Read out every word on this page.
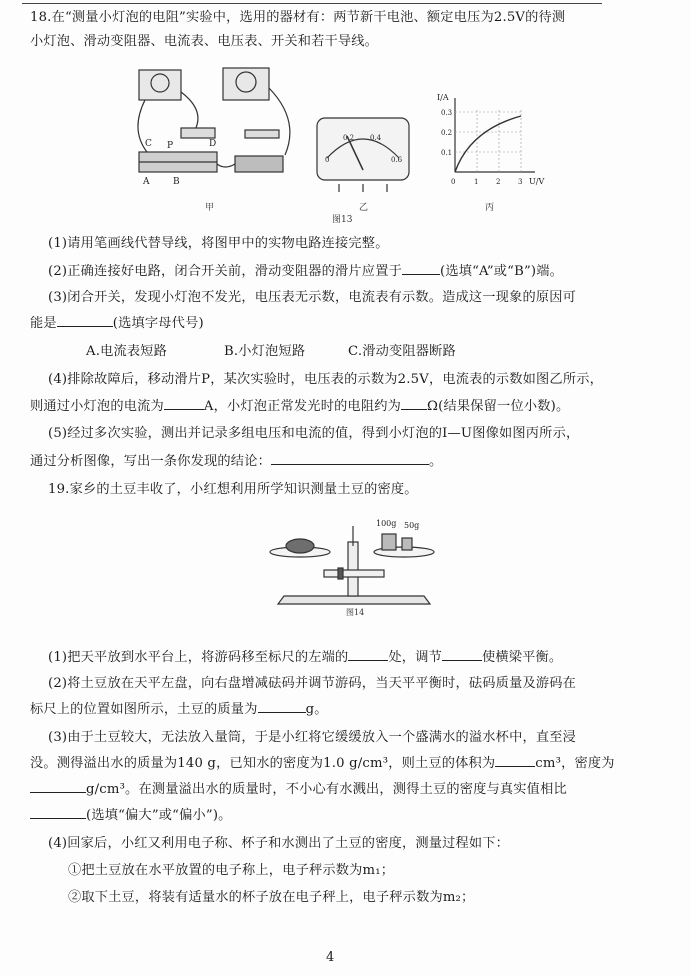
18.在“测量小灯泡的电阻”实验中，选用的器材有：两节新干电池、额定电压为2.5V的待测
小灯泡、滑动变阻器、电流表、电压表、开关和若干导线。
P
A	B
C	D
甲
0
0.2 0.4
0.6
乙
I/A
U/V
0.3
0.2
0.1
0	1	2	3
丙
图13
(1)请用笔画线代替导线，将图甲中的实物电路连接完整。
(2)正确连接好电路，闭合开关前，滑动变阻器的滑片应置于	(选填“A”或“B”)端。
(3)闭合开关，发现小灯泡不发光，电压表无示数，电流表有示数。造成这一现象的原因可
能是	(选填字母代号)
A.电流表短路	B.小灯泡短路	C.滑动变阻器断路
(4)排除故障后，移动滑片P，某次实验时，电压表的示数为2.5V，电流表的示数如图乙所示，
则通过小灯泡的电流为	A，小灯泡正常发光时的电阻约为 Ω(结果保留一位小数)。
(5)经过多次实验，测出并记录多组电压和电流的值，得到小灯泡的I—U图像如图丙所示，
通过分析图像，写出一条你发现的结论：	。
19.家乡的土豆丰收了，小红想利用所学知识测量土豆的密度。
100g 50g
图14
(1)把天平放到水平台上，将游码移至标尺的左端的	处，调节	使横梁平衡。
(2)将土豆放在天平左盘，向右盘增减砝码并调节游码，当天平平衡时，砝码质量及游码在
标尺上的位置如图所示，土豆的质量为	g。
(3)由于土豆较大，无法放入量筒，于是小红将它缓缓放入一个盛满水的溢水杯中，直至浸
没。测得溢出水的质量为140 g，已知水的密度为1.0 g/cm³，则土豆的体积为	cm³，密度为
g/cm³。在测量溢出水的质量时，不小心有水溅出，测得土豆的密度与真实值相比
(选填“偏大”或“偏小”)。
(4)回家后，小红又利用电子称、杯子和水测出了土豆的密度，测量过程如下：
①把土豆放在水平放置的电子称上，电子秤示数为m₁；
②取下土豆，将装有适量水的杯子放在电子秤上，电子秤示数为m₂；
4
